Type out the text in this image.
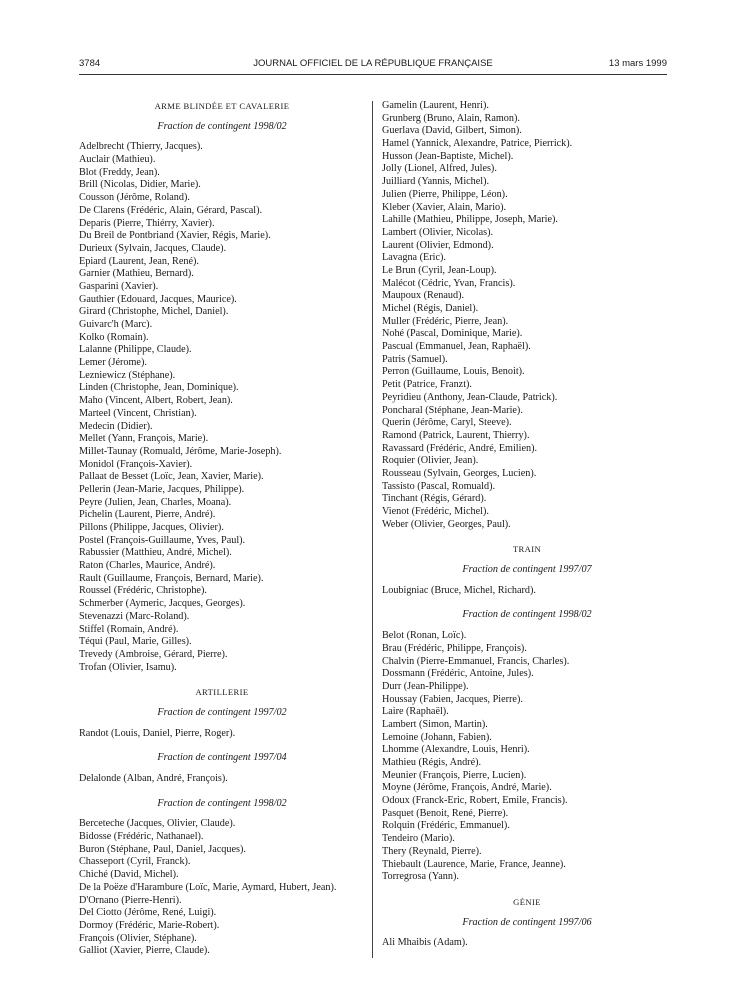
3784	JOURNAL OFFICIEL DE LA RÉPUBLIQUE FRANÇAISE	13 mars 1999
ARME BLINDÉE ET CAVALERIE
Fraction de contingent 1998/02
Adelbrecht (Thierry, Jacques).
Auclair (Mathieu).
Blot (Freddy, Jean).
Brill (Nicolas, Didier, Marie).
Cousson (Jérôme, Roland).
De Clarens (Frédéric, Alain, Gérard, Pascal).
Deparis (Pierre, Thiérry, Xavier).
Du Breil de Pontbriand (Xavier, Régis, Marie).
Durieux (Sylvain, Jacques, Claude).
Epiard (Laurent, Jean, René).
Garnier (Mathieu, Bernard).
Gasparini (Xavier).
Gauthier (Edouard, Jacques, Maurice).
Girard (Christophe, Michel, Daniel).
Guivarc'h (Marc).
Kolko (Romain).
Lalanne (Philippe, Claude).
Lemer (Jérome).
Lezniewicz (Stéphane).
Linden (Christophe, Jean, Dominique).
Maho (Vincent, Albert, Robert, Jean).
Marteel (Vincent, Christian).
Medecin (Didier).
Mellet (Yann, François, Marie).
Millet-Taunay (Romuald, Jérôme, Marie-Joseph).
Monidol (François-Xavier).
Pallaat de Besset (Loïc, Jean, Xavier, Marie).
Pellerin (Jean-Marie, Jacques, Philippe).
Peyre (Julien, Jean, Charles, Moana).
Pichelin (Laurent, Pierre, André).
Pillons (Philippe, Jacques, Olivier).
Postel (François-Guillaume, Yves, Paul).
Rabussier (Matthieu, André, Michel).
Raton (Charles, Maurice, André).
Rault (Guillaume, François, Bernard, Marie).
Roussel (Frédéric, Christophe).
Schmerber (Aymeric, Jacques, Georges).
Stevenazzi (Marc-Roland).
Stiffel (Romain, André).
Téqui (Paul, Marie, Gilles).
Trevedy (Ambroise, Gérard, Pierre).
Trofan (Olivier, Isamu).
ARTILLERIE
Fraction de contingent 1997/02
Randot (Louis, Daniel, Pierre, Roger).
Fraction de contingent 1997/04
Delalonde (Alban, André, François).
Fraction de contingent 1998/02
Berceteche (Jacques, Olivier, Claude).
Bidosse (Frédéric, Nathanael).
Buron (Stéphane, Paul, Daniel, Jacques).
Chasseport (Cyril, Franck).
Chiché (David, Michel).
De la Poëze d'Harambure (Loïc, Marie, Aymard, Hubert, Jean).
D'Ornano (Pierre-Henri).
Del Ciotto (Jérôme, René, Luigi).
Dormoy (Frédéric, Marie-Robert).
François (Olivier, Stéphane).
Galliot (Xavier, Pierre, Claude).
Gamelin (Laurent, Henri).
Grunberg (Bruno, Alain, Ramon).
Guerlava (David, Gilbert, Simon).
Hamel (Yannick, Alexandre, Patrice, Pierrick).
Husson (Jean-Baptiste, Michel).
Jolly (Lionel, Alfred, Jules).
Juilliard (Yannis, Michel).
Julien (Pierre, Philippe, Léon).
Kleber (Xavier, Alain, Mario).
Lahille (Mathieu, Philippe, Joseph, Marie).
Lambert (Olivier, Nicolas).
Laurent (Olivier, Edmond).
Lavagna (Eric).
Le Brun (Cyril, Jean-Loup).
Malécot (Cédric, Yvan, Francis).
Maupoux (Renaud).
Michel (Régis, Daniel).
Muller (Frédéric, Pierre, Jean).
Nohé (Pascal, Dominique, Marie).
Pascual (Emmanuel, Jean, Raphaël).
Patris (Samuel).
Perron (Guillaume, Louis, Benoit).
Petit (Patrice, Franzt).
Peyridieu (Anthony, Jean-Claude, Patrick).
Poncharal (Stéphane, Jean-Marie).
Querin (Jérôme, Caryl, Steeve).
Ramond (Patrick, Laurent, Thierry).
Ravassard (Frédéric, André, Emilien).
Roquier (Olivier, Jean).
Rousseau (Sylvain, Georges, Lucien).
Tassisto (Pascal, Romuald).
Tinchant (Régis, Gérard).
Vienot (Frédéric, Michel).
Weber (Olivier, Georges, Paul).
TRAIN
Fraction de contingent 1997/07
Loubigniac (Bruce, Michel, Richard).
Fraction de contingent 1998/02
Belot (Ronan, Loïc).
Brau (Frédéric, Philippe, François).
Chalvin (Pierre-Emmanuel, Francis, Charles).
Dossmann (Frédéric, Antoine, Jules).
Durr (Jean-Philippe).
Houssay (Fabien, Jacques, Pierre).
Laire (Raphaël).
Lambert (Simon, Martin).
Lemoine (Johann, Fabien).
Lhomme (Alexandre, Louis, Henri).
Mathieu (Régis, André).
Meunier (François, Pierre, Lucien).
Moyne (Jérôme, François, André, Marie).
Odoux (Franck-Eric, Robert, Emile, Francis).
Pasquet (Benoit, René, Pierre).
Rolquin (Frédéric, Emmanuel).
Tendeiro (Mario).
Thery (Reynald, Pierre).
Thiebault (Laurence, Marie, France, Jeanne).
Torregrosa (Yann).
GÉNIE
Fraction de contingent 1997/06
Ali Mhaibis (Adam).
